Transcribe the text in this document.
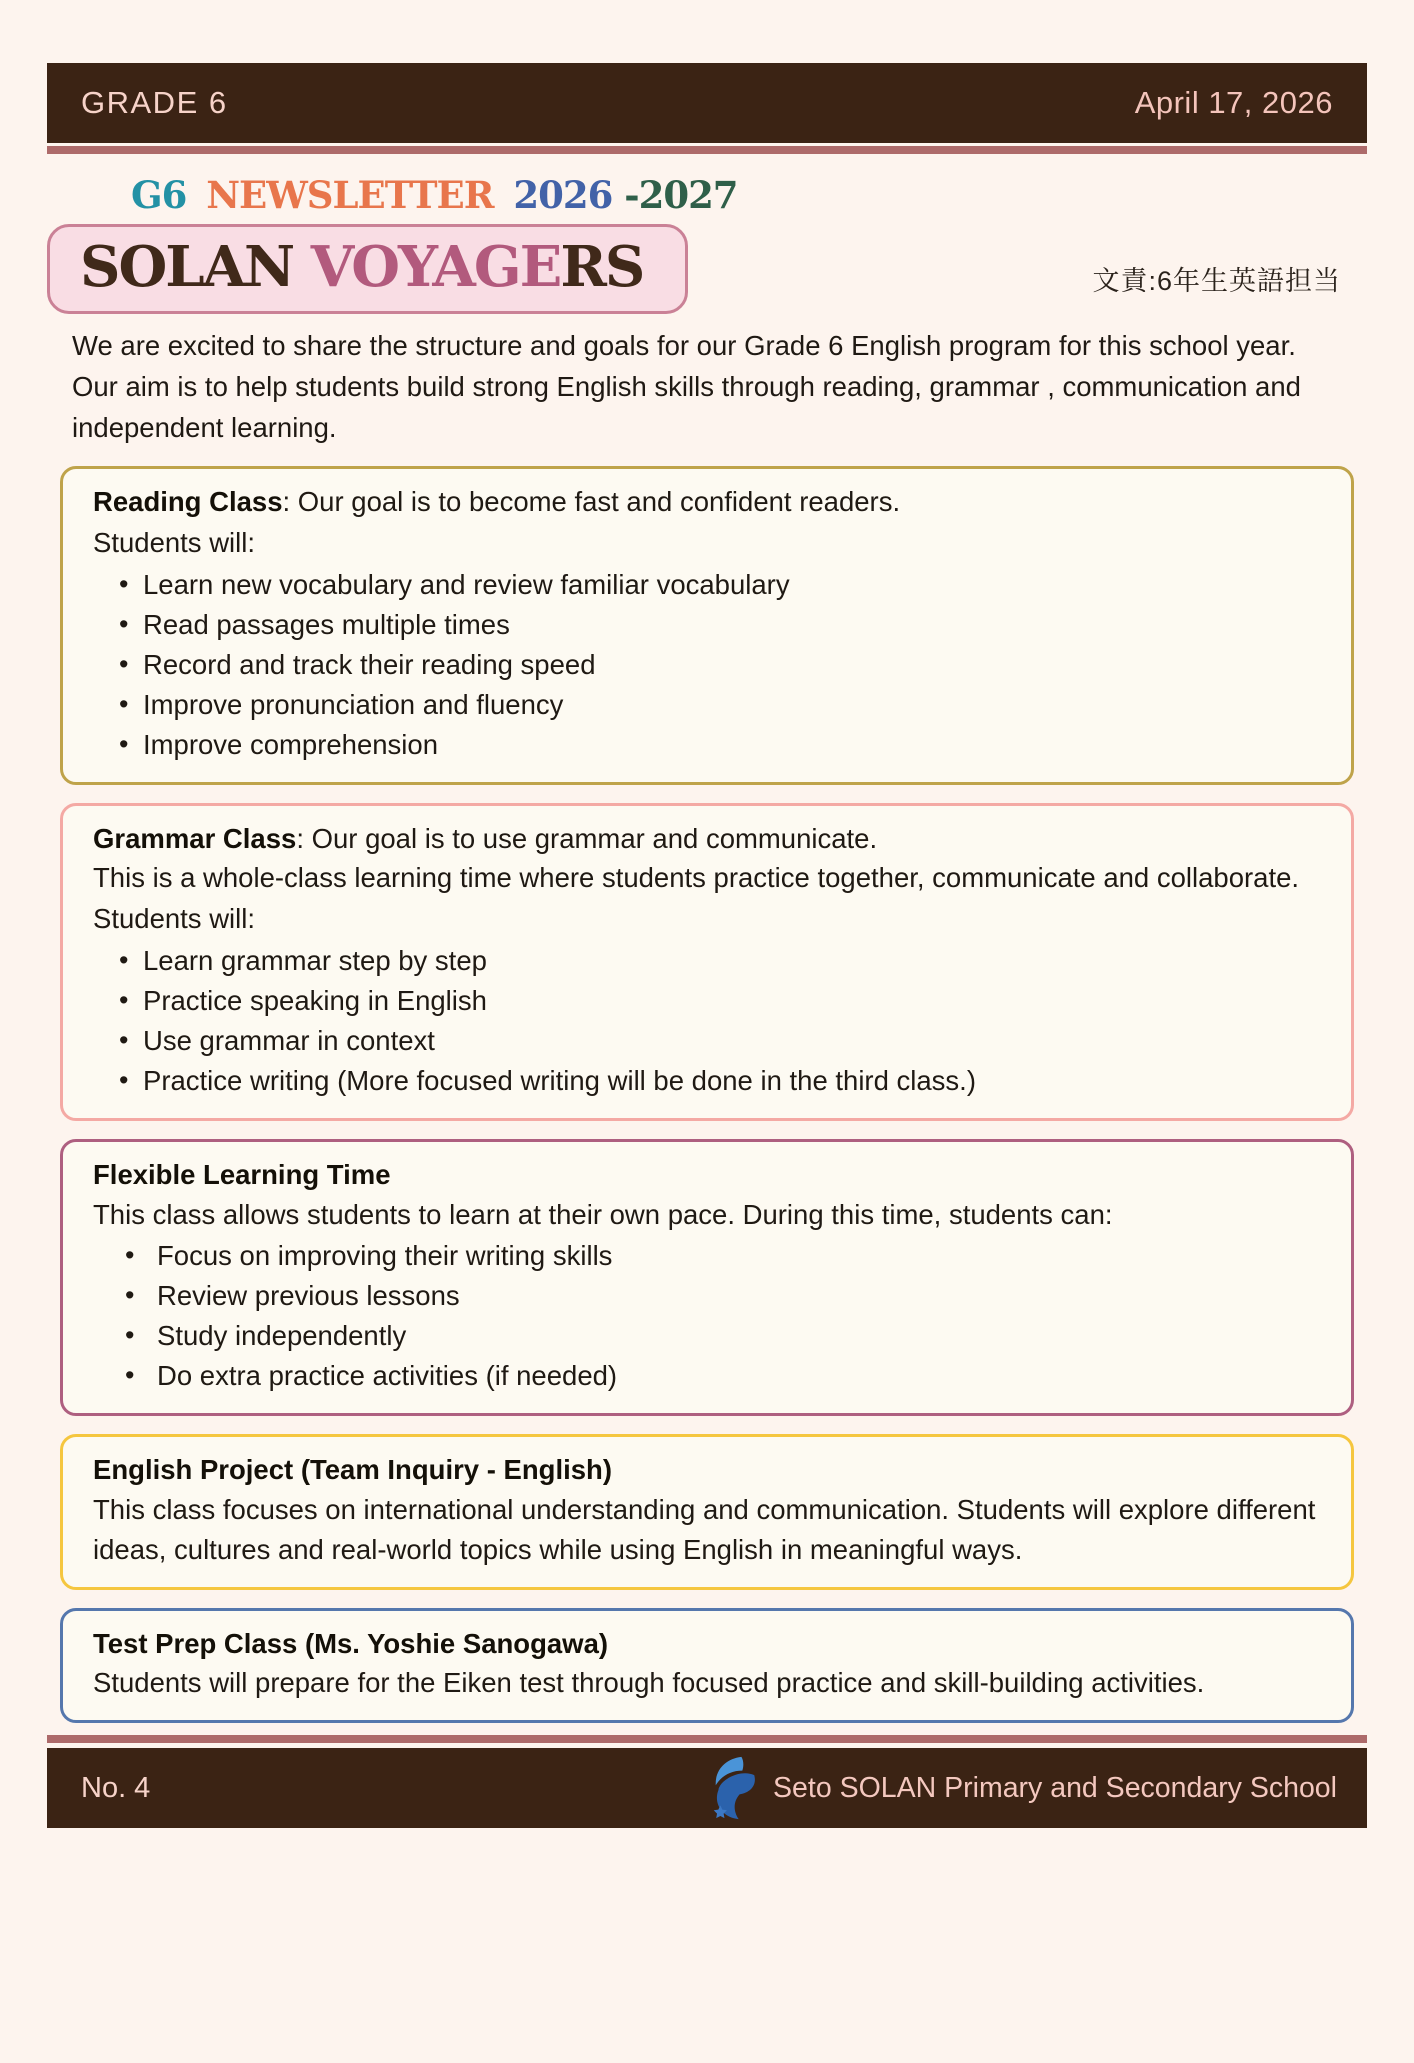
GRADE 6	April 17, 2026
G6 NEWSLETTER 2026 -2027
SOLAN VOYAGERS	文責:6年生英語担当

We are excited to share the structure and goals for our Grade 6 English program for this school year. Our aim is to help students build strong English skills through reading, grammar , communication and independent learning.

Reading Class: Our goal is to become fast and confident readers.

Students will:

• Learn new vocabulary and review familiar vocabulary
• Read passages multiple times
• Record and track their reading speed
• Improve pronunciation and fluency
• Improve comprehension

Grammar Class: Our goal is to use grammar and communicate.

This is a whole-class learning time where students practice together, communicate and collaborate.

Students will:

• Learn grammar step by step
• Practice speaking in English
• Use grammar in context
• Practice writing (More focused writing will be done in the third class.)

Flexible Learning Time

This class allows students to learn at their own pace. During this time, students can:

• Focus on improving their writing skills
• Review previous lessons
• Study independently
• Do extra practice activities (if needed)

English Project (Team Inquiry - English)

This class focuses on international understanding and communication. Students will explore different ideas, cultures and real-world topics while using English in meaningful ways.

Test Prep Class (Ms. Yoshie Sanogawa)

Students will prepare for the Eiken test through focused practice and skill-building activities.

No. 4	Seto SOLAN Primary and Secondary School
